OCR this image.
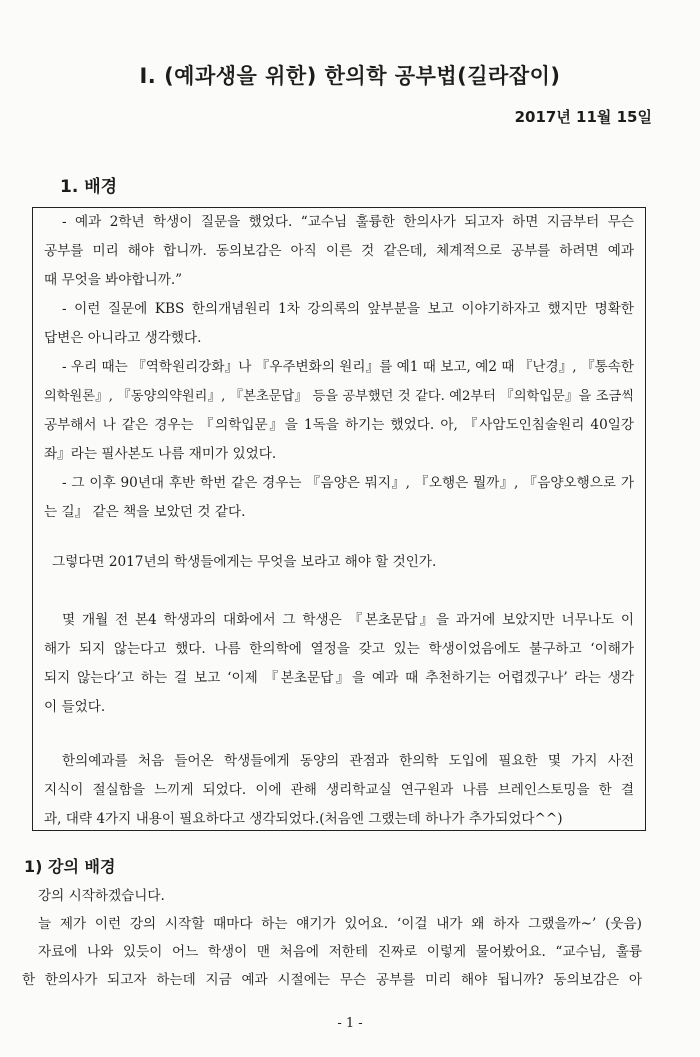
Ⅰ. (예과생을 위한) 한의학 공부법(길라잡이)
2017년 11월 15일
1. 배경
- 예과 2학년 학생이 질문을 했었다. “교수님 훌륭한 한의사가 되고자 하면 지금부터 무슨
공부를 미리 해야 합니까. 동의보감은 아직 이른 것 같은데, 체계적으로 공부를 하려면 예과
때 무엇을 봐야합니까.”
- 이런 질문에 KBS 한의개념원리 1차 강의록의 앞부분을 보고 이야기하자고 했지만 명확한
답변은 아니라고 생각했다.
- 우리 때는 『역학원리강화』나 『우주변화의 원리』를 예1 때 보고, 예2 때 『난경』, 『통속한
의학원론』, 『동양의약원리』, 『본초문답』 등을 공부했던 것 같다. 예2부터 『의학입문』을 조금씩
공부해서 나 같은 경우는 『의학입문』을 1독을 하기는 했었다. 아, 『사암도인침술원리 40일강
좌』라는 필사본도 나름 재미가 있었다.
- 그 이후 90년대 후반 학번 같은 경우는 『음양은 뭐지』, 『오행은 뭘까』, 『음양오행으로 가
는 길』 같은 책을 보았던 것 같다.
그렇다면 2017년의 학생들에게는 무엇을 보라고 해야 할 것인가.
몇 개월 전 본4 학생과의 대화에서 그 학생은 『본초문답』을 과거에 보았지만 너무나도 이
해가 되지 않는다고 했다. 나름 한의학에 열정을 갖고 있는 학생이었음에도 불구하고 ‘이해가
되지 않는다’고 하는 걸 보고 ‘이제 『본초문답』을 예과 때 추천하기는 어렵겠구나’ 라는 생각
이 들었다.
한의예과를 처음 들어온 학생들에게 동양의 관점과 한의학 도입에 필요한 몇 가지 사전
지식이 절실함을 느끼게 되었다. 이에 관해 생리학교실 연구원과 나름 브레인스토밍을 한 결
과, 대략 4가지 내용이 필요하다고 생각되었다.(처음엔 그랬는데 하나가 추가되었다^^)
1) 강의 배경
강의 시작하겠습니다.
늘 제가 이런 강의 시작할 때마다 하는 얘기가 있어요. ‘이걸 내가 왜 하자 그랬을까~’ (웃음)
자료에 나와 있듯이 어느 학생이 맨 처음에 저한테 진짜로 이렇게 물어봤어요. “교수님, 훌륭
한 한의사가 되고자 하는데 지금 예과 시절에는 무슨 공부를 미리 해야 됩니까? 동의보감은 아
- 1 -
